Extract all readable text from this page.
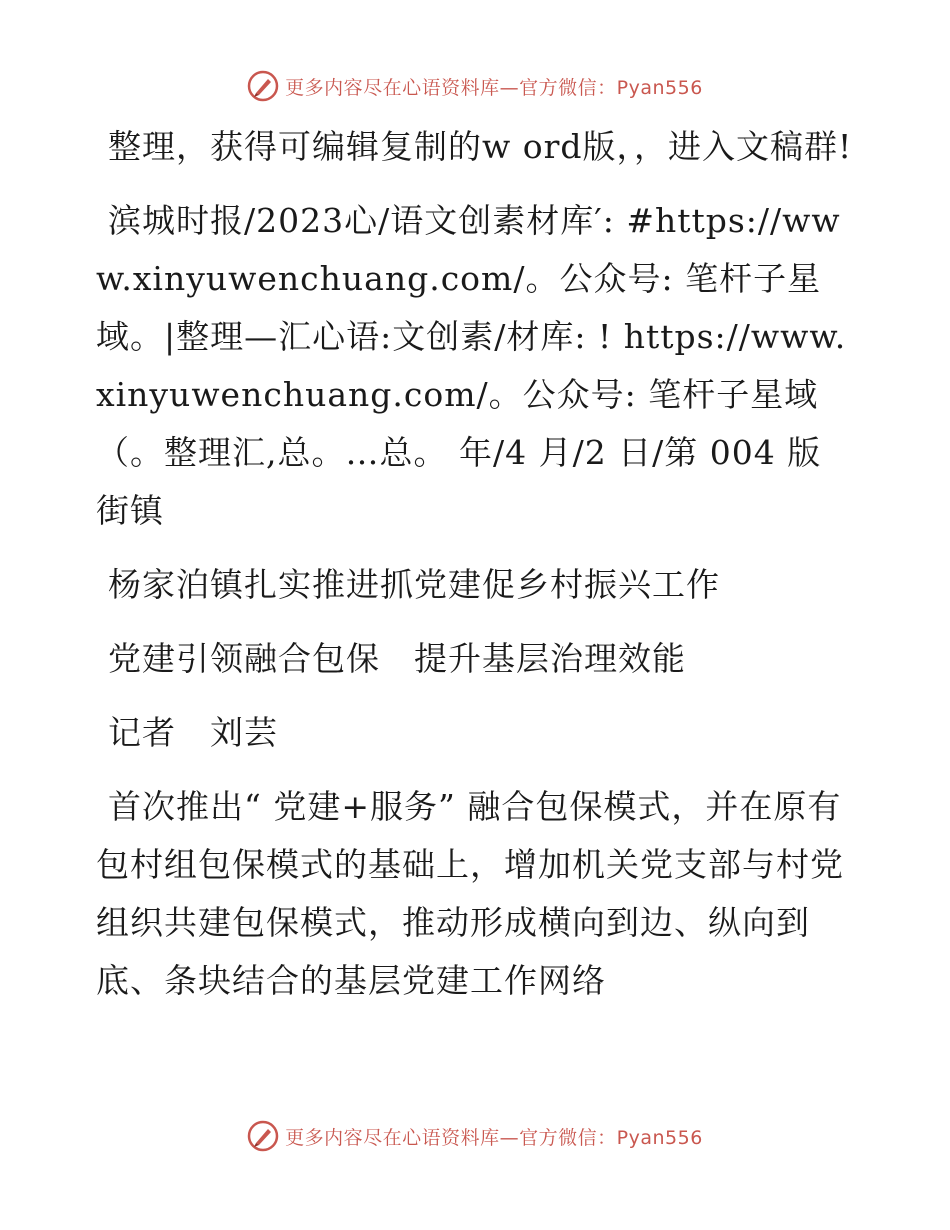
更多内容尽在心语资料库—官方微信：Pyan556

整理，获得可编辑复制的w ord版，，进入文稿群!

滨城时报/2023心/语文创素材库′: #https://www.xinyuwenchuang.com/。公众号: 笔杆子星域。|整理—汇心语:文创素/材库: ! https://www.xinyuwenchuang.com/。公众号: 笔杆子星域（。整理汇,总。…总。 年/4 月/2 日/第 004 版 街镇

杨家泊镇扎实推进抓党建促乡村振兴工作

党建引领融合包保　提升基层治理效能

记者　刘芸

首次推出“ 党建+服务” 融合包保模式，并在原有包村组包保模式的基础上，增加机关党支部与村党组织共建包保模式，推动形成横向到边、纵向到底、条块结合的基层党建工作网络

更多内容尽在心语资料库—官方微信：Pyan556
